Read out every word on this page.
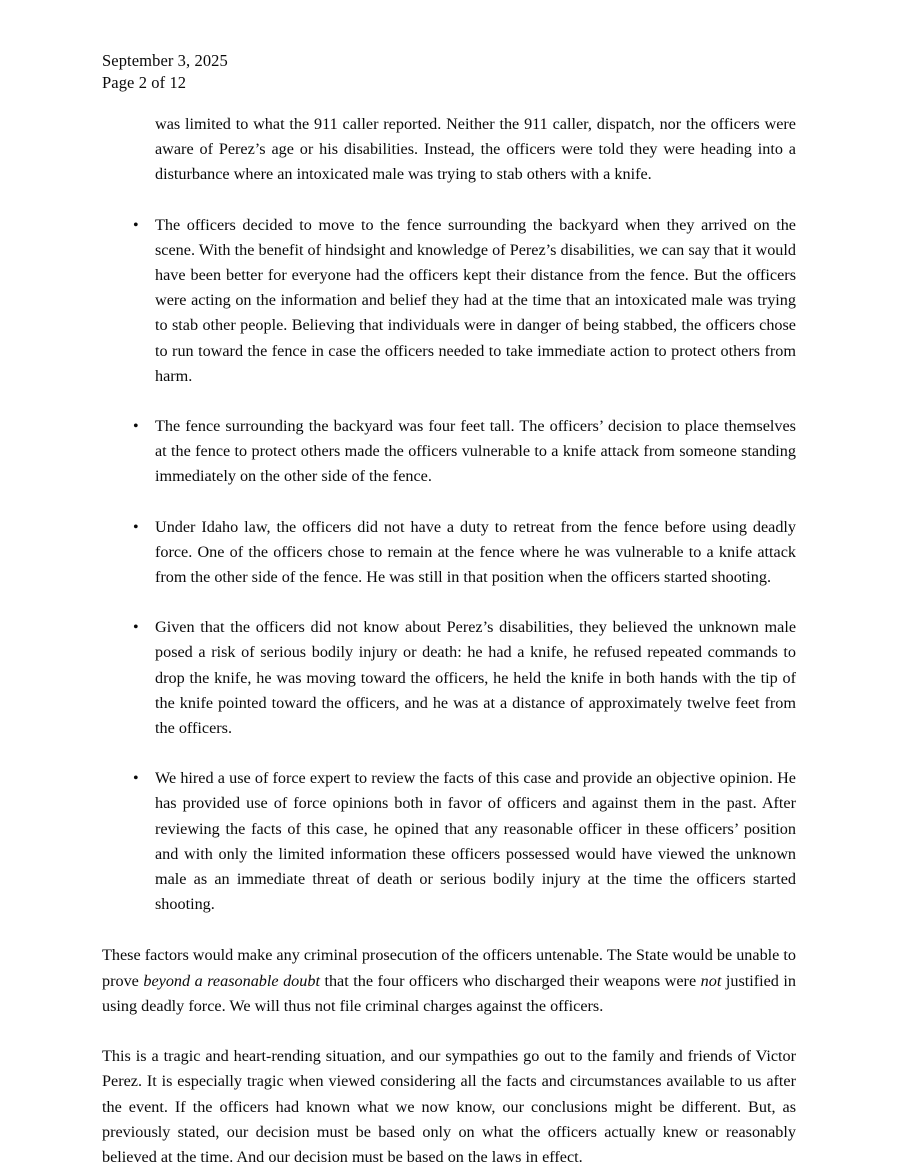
September 3, 2025
Page 2 of 12

was limited to what the 911 caller reported. Neither the 911 caller, dispatch, nor the officers were aware of Perez’s age or his disabilities. Instead, the officers were told they were heading into a disturbance where an intoxicated male was trying to stab others with a knife.

•	The officers decided to move to the fence surrounding the backyard when they arrived on the scene. With the benefit of hindsight and knowledge of Perez’s disabilities, we can say that it would have been better for everyone had the officers kept their distance from the fence. But the officers were acting on the information and belief they had at the time that an intoxicated male was trying to stab other people. Believing that individuals were in danger of being stabbed, the officers chose to run toward the fence in case the officers needed to take immediate action to protect others from harm.
•	The fence surrounding the backyard was four feet tall. The officers’ decision to place themselves at the fence to protect others made the officers vulnerable to a knife attack from someone standing immediately on the other side of the fence.
•	Under Idaho law, the officers did not have a duty to retreat from the fence before using deadly force. One of the officers chose to remain at the fence where he was vulnerable to a knife attack from the other side of the fence. He was still in that position when the officers started shooting.
•	Given that the officers did not know about Perez’s disabilities, they believed the unknown male posed a risk of serious bodily injury or death: he had a knife, he refused repeated commands to drop the knife, he was moving toward the officers, he held the knife in both hands with the tip of the knife pointed toward the officers, and he was at a distance of approximately twelve feet from the officers.
•	We hired a use of force expert to review the facts of this case and provide an objective opinion. He has provided use of force opinions both in favor of officers and against them in the past. After reviewing the facts of this case, he opined that any reasonable officer in these officers’ position and with only the limited information these officers possessed would have viewed the unknown male as an immediate threat of death or serious bodily injury at the time the officers started shooting.

These factors would make any criminal prosecution of the officers untenable. The State would be unable to prove beyond a reasonable doubt that the four officers who discharged their weapons were not justified in using deadly force. We will thus not file criminal charges against the officers.

This is a tragic and heart-rending situation, and our sympathies go out to the family and friends of Victor Perez. It is especially tragic when viewed considering all the facts and circumstances available to us after the event. If the officers had known what we now know, our conclusions might be different. But, as previously stated, our decision must be based only on what the officers actually knew or reasonably believed at the time. And our decision must be based on the laws in effect.
